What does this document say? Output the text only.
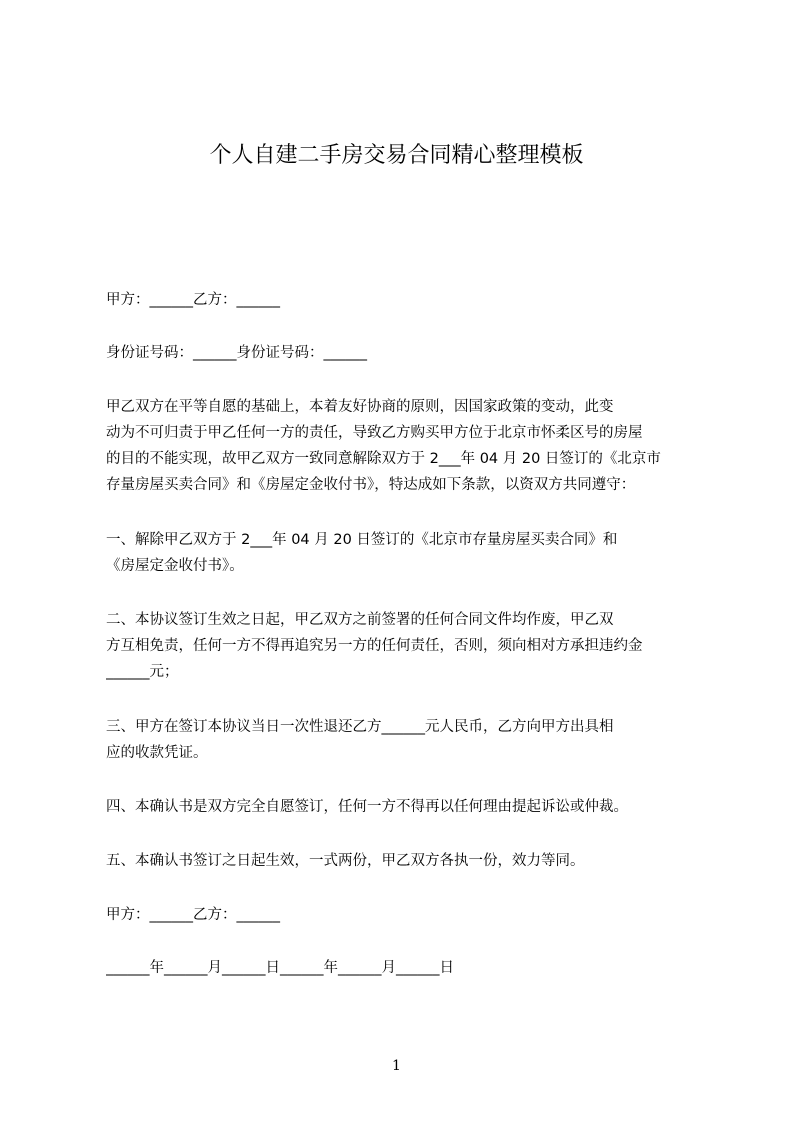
个人自建二手房交易合同精心整理模板

甲方：______乙方：______

身份证号码：______身份证号码：______

甲乙双方在平等自愿的基础上，本着友好协商的原则，因国家政策的变动，此变

动为不可归责于甲乙任何一方的责任，导致乙方购买甲方位于北京市怀柔区号的房屋

的目的不能实现，故甲乙双方一致同意解除双方于 2___年 04 月 20 日签订的《北京市

存量房屋买卖合同》和《房屋定金收付书》，特达成如下条款，以资双方共同遵守：

一、解除甲乙双方于 2___年 04 月 20 日签订的《北京市存量房屋买卖合同》和

《房屋定金收付书》。

二、本协议签订生效之日起，甲乙双方之前签署的任何合同文件均作废，甲乙双

方互相免责，任何一方不得再追究另一方的任何责任，否则，须向相对方承担违约金

______元；

三、甲方在签订本协议当日一次性退还乙方______元人民币，乙方向甲方出具相

应的收款凭证。

四、本确认书是双方完全自愿签订，任何一方不得再以任何理由提起诉讼或仲裁。

五、本确认书签订之日起生效，一式两份，甲乙双方各执一份，效力等同。

甲方：______乙方：______

______年______月______日______年______月______日

1
